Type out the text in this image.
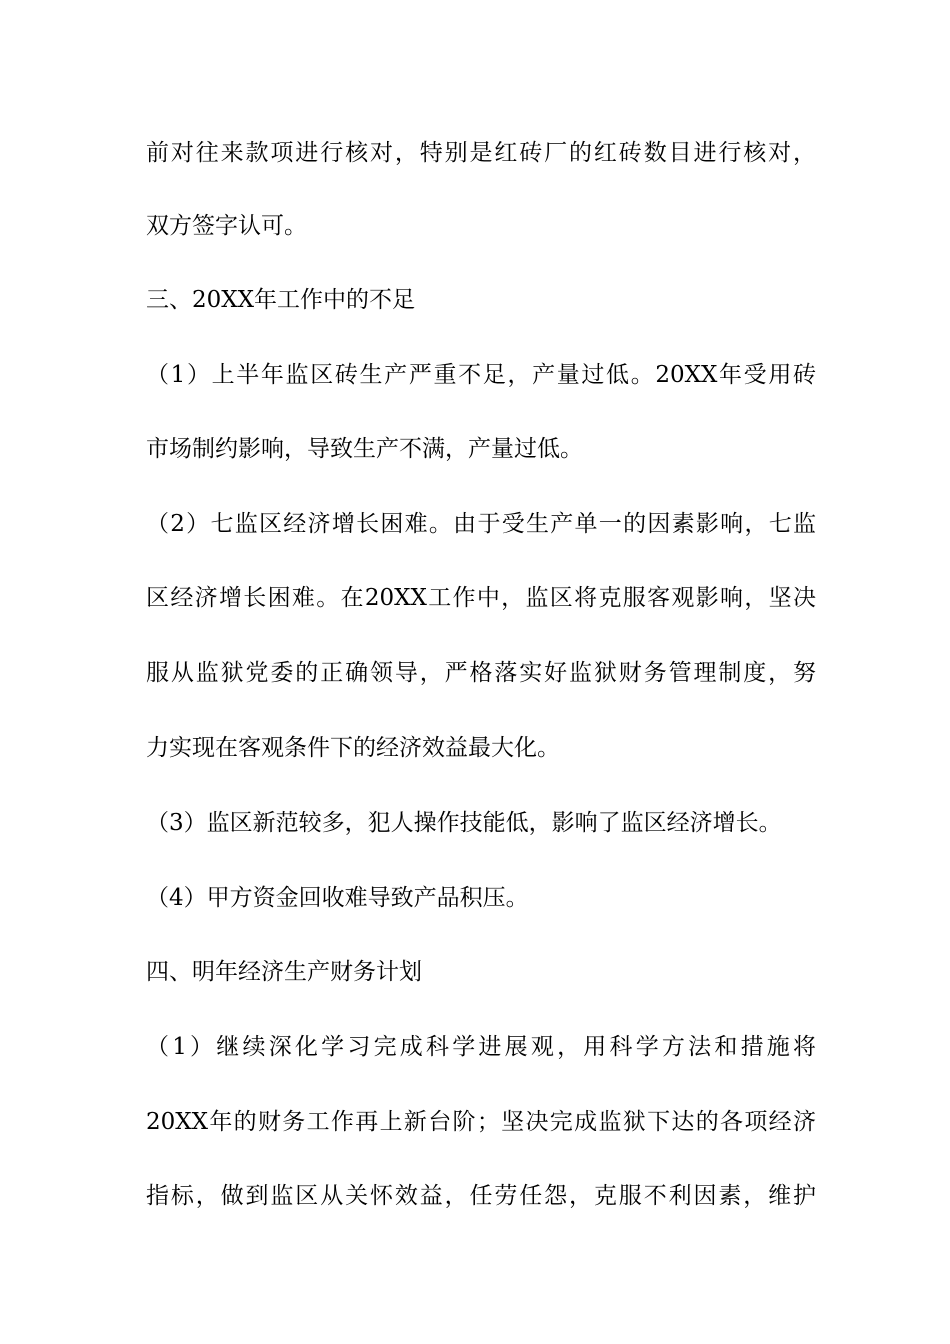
前对往来款项进行核对，特别是红砖厂的红砖数目进行核对，
双方签字认可。
三、20XX年工作中的不足
（1）上半年监区砖生产严重不足，产量过低。20XX年受用砖
市场制约影响，导致生产不满，产量过低。
（2）七监区经济增长困难。由于受生产单一的因素影响，七监
区经济增长困难。在20XX工作中，监区将克服客观影响，坚决
服从监狱党委的正确领导，严格落实好监狱财务管理制度，努
力实现在客观条件下的经济效益最大化。
（3）监区新范较多，犯人操作技能低，影响了监区经济增长。
（4）甲方资金回收难导致产品积压。
四、明年经济生产财务计划
（1）继续深化学习完成科学进展观，用科学方法和措施将
20XX年的财务工作再上新台阶；坚决完成监狱下达的各项经济
指标，做到监区从关怀效益，任劳任怨，克服不利因素，维护
